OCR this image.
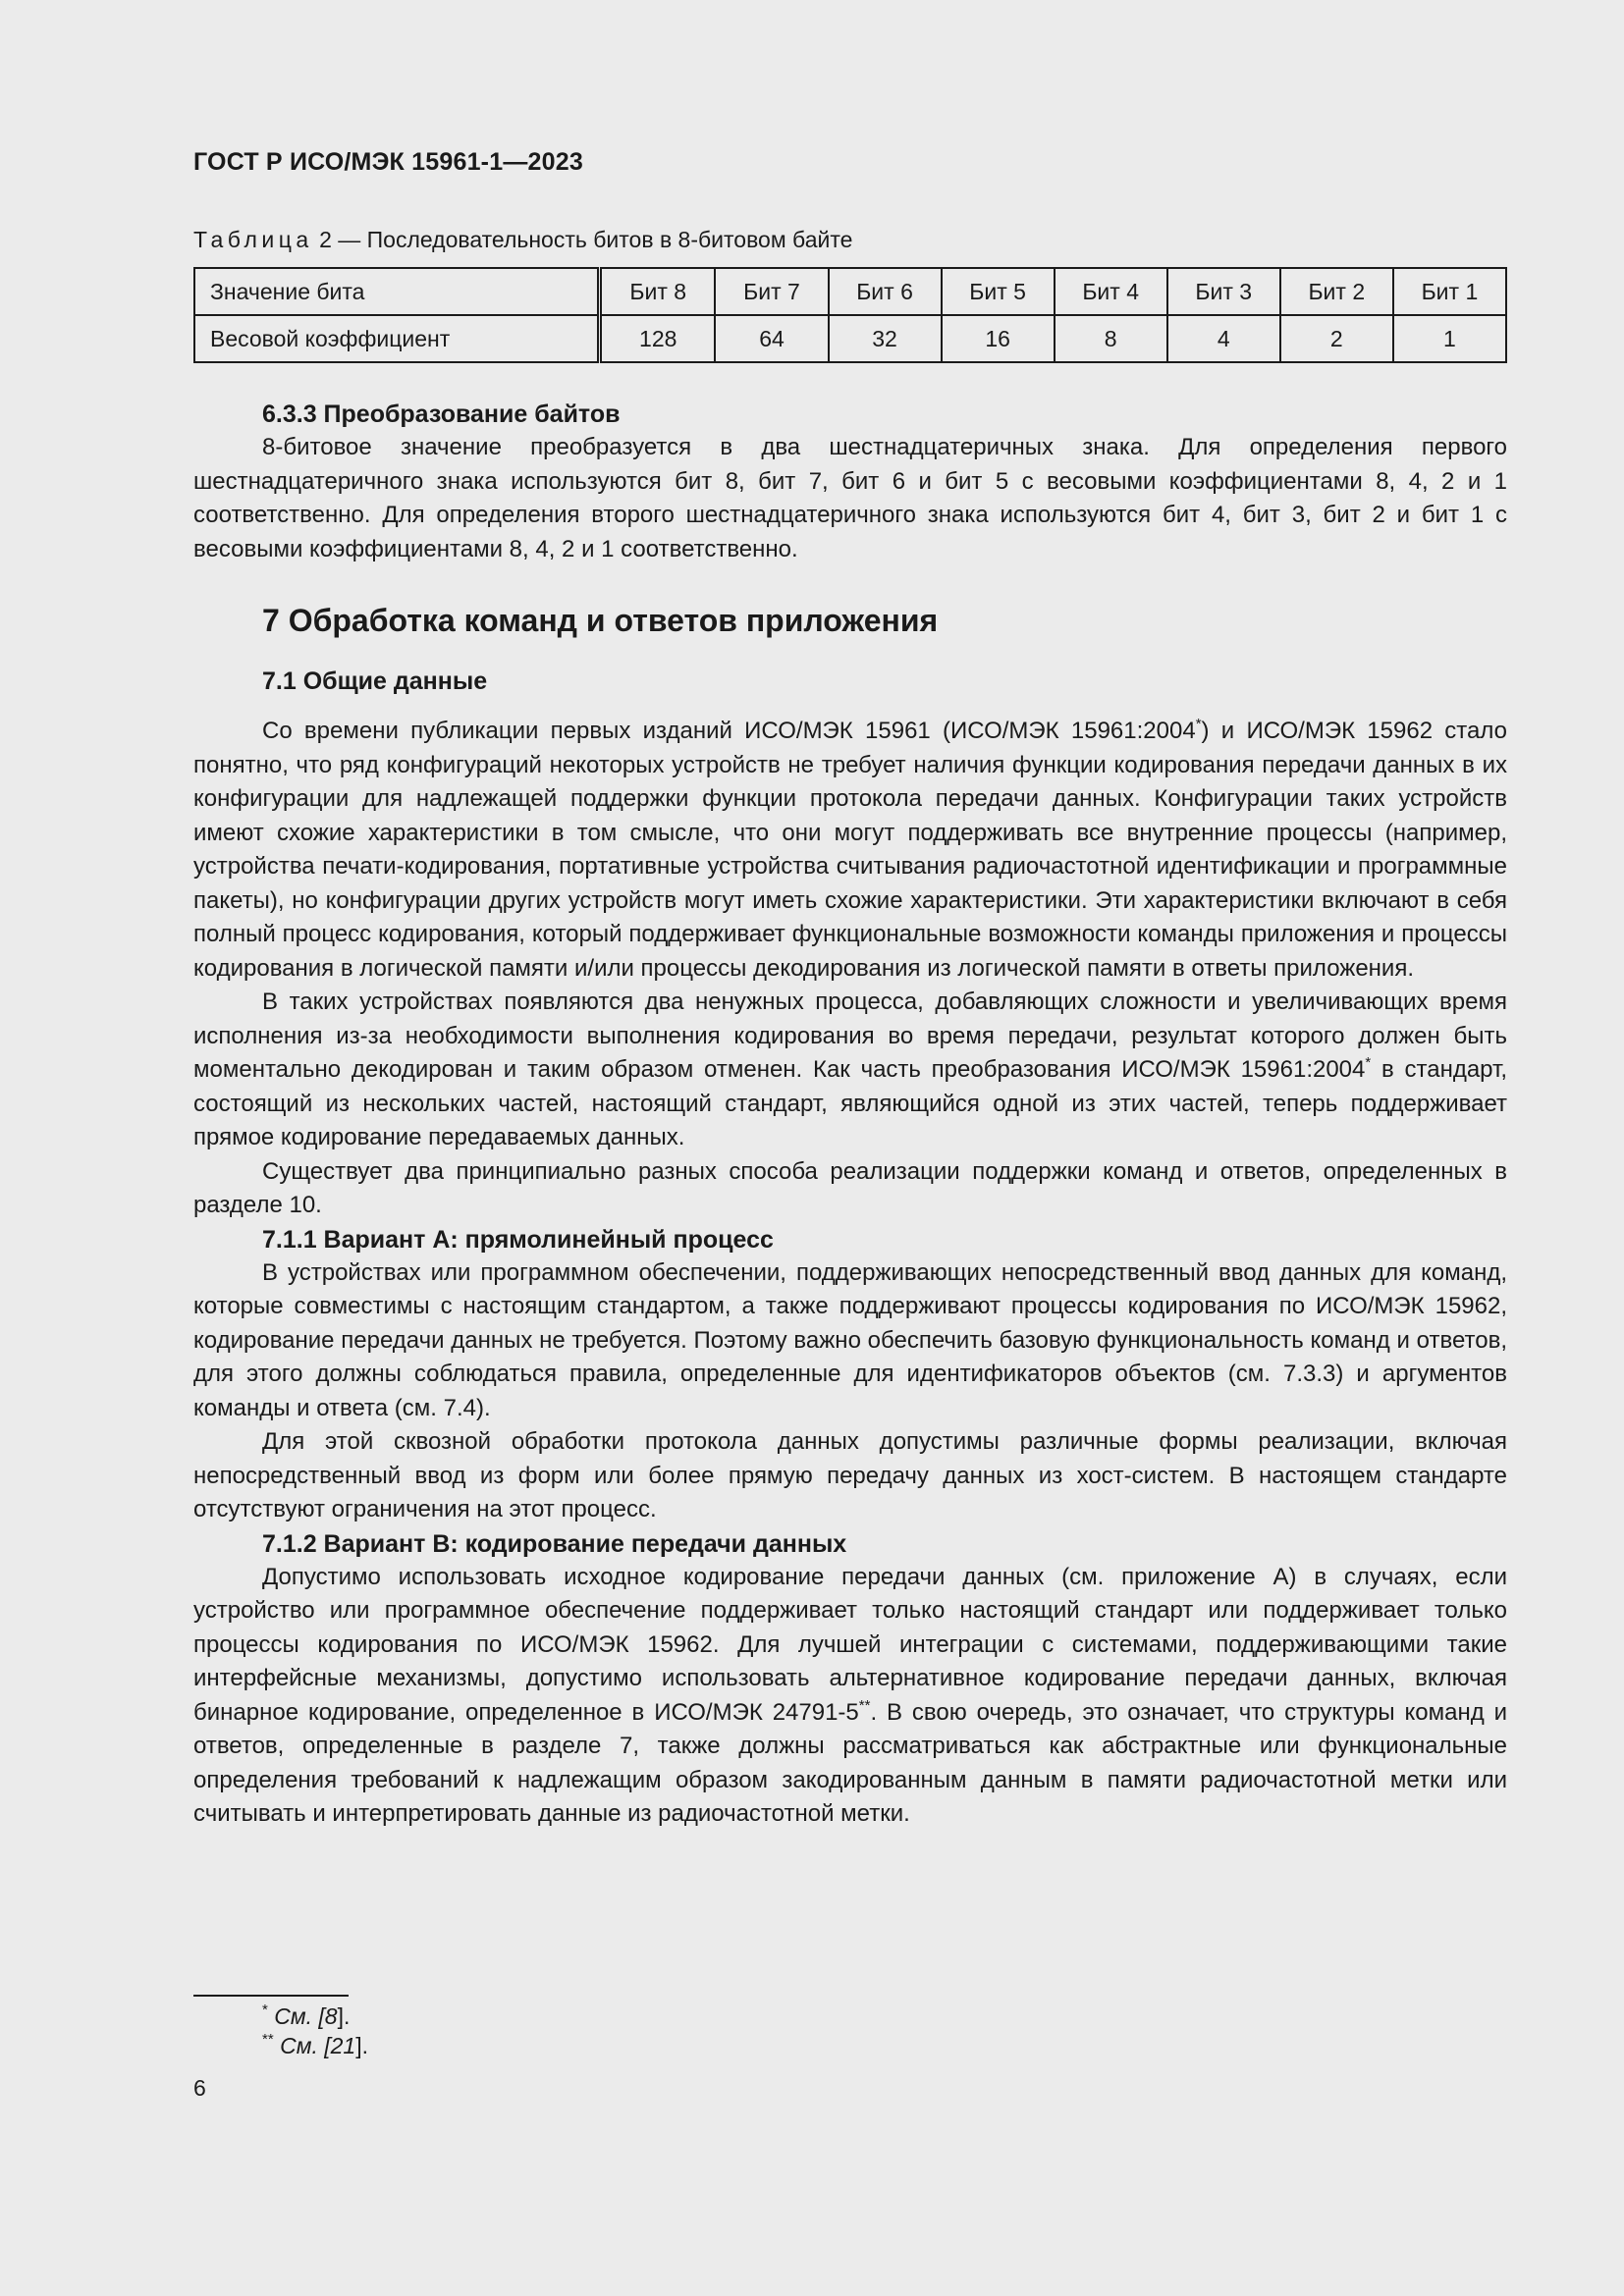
ГОСТ Р ИСО/МЭК 15961-1—2023
Таблица 2 — Последовательность битов в 8-битовом байте
Значение бита	Бит 8	Бит 7	Бит 6	Бит 5	Бит 4	Бит 3	Бит 2	Бит 1
Весовой коэффициент	128	64	32	16	8	4	2	1
6.3.3 Преобразование байтов

8-битовое значение преобразуется в два шестнадцатеричных знака. Для определения первого шестнадцатеричного знака используются бит 8, бит 7, бит 6 и бит 5 с весовыми коэффициентами 8, 4, 2 и 1 соответственно. Для определения второго шестнадцатеричного знака используются бит 4, бит 3, бит 2 и бит 1 с весовыми коэффициентами 8, 4, 2 и 1 соответственно.

7 Обработка команд и ответов приложения
7.1 Общие данные

Со времени публикации первых изданий ИСО/МЭК 15961 (ИСО/МЭК 15961:2004*) и ИСО/МЭК 15962 стало понятно, что ряд конфигураций некоторых устройств не требует наличия функции кодирования передачи данных в их конфигурации для надлежащей поддержки функции протокола передачи данных. Конфигурации таких устройств имеют схожие характеристики в том смысле, что они могут поддерживать все внутренние процессы (например, устройства печати-кодирования, портативные устройства считывания радиочастотной идентификации и программные пакеты), но конфигурации других устройств могут иметь схожие характеристики. Эти характеристики включают в себя полный процесс кодирования, который поддерживает функциональные возможности команды приложения и процессы кодирования в логической памяти и/или процессы декодирования из логической памяти в ответы приложения.

В таких устройствах появляются два ненужных процесса, добавляющих сложности и увеличивающих время исполнения из-за необходимости выполнения кодирования во время передачи, результат которого должен быть моментально декодирован и таким образом отменен. Как часть преобразования ИСО/МЭК 15961:2004* в стандарт, состоящий из нескольких частей, настоящий стандарт, являющийся одной из этих частей, теперь поддерживает прямое кодирование передаваемых данных.

Существует два принципиально разных способа реализации поддержки команд и ответов, определенных в разделе 10.

7.1.1 Вариант А: прямолинейный процесс

В устройствах или программном обеспечении, поддерживающих непосредственный ввод данных для команд, которые совместимы с настоящим стандартом, а также поддерживают процессы кодирования по ИСО/МЭК 15962, кодирование передачи данных не требуется. Поэтому важно обеспечить базовую функциональность команд и ответов, для этого должны соблюдаться правила, определенные для идентификаторов объектов (см. 7.3.3) и аргументов команды и ответа (см. 7.4).

Для этой сквозной обработки протокола данных допустимы различные формы реализации, включая непосредственный ввод из форм или более прямую передачу данных из хост-систем. В настоящем стандарте отсутствуют ограничения на этот процесс.

7.1.2 Вариант В: кодирование передачи данных

Допустимо использовать исходное кодирование передачи данных (см. приложение А) в случаях, если устройство или программное обеспечение поддерживает только настоящий стандарт или поддерживает только процессы кодирования по ИСО/МЭК 15962. Для лучшей интеграции с системами, поддерживающими такие интерфейсные механизмы, допустимо использовать альтернативное кодирование передачи данных, включая бинарное кодирование, определенное в ИСО/МЭК 24791-5**. В свою очередь, это означает, что структуры команд и ответов, определенные в разделе 7, также должны рассматриваться как абстрактные или функциональные определения требований к надлежащим образом закодированным данным в памяти радиочастотной метки или считывать и интерпретировать данные из радиочастотной метки.

* См. [8].
** См. [21].
6
